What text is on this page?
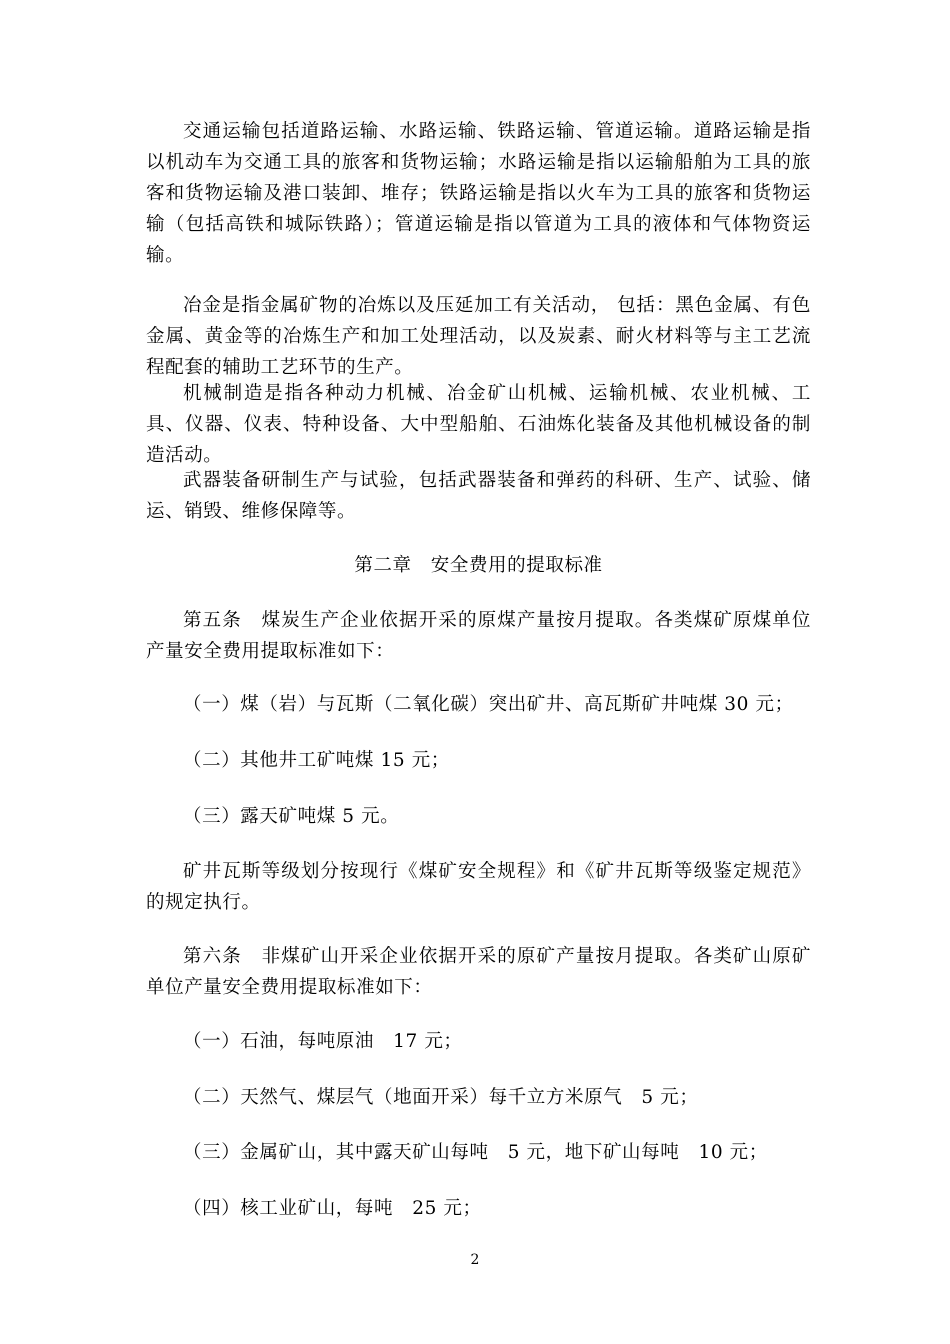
交通运输包括道路运输、水路运输、铁路运输、管道运输。道路运输是指以机动车为交通工具的旅客和货物运输；水路运输是指以运输船舶为工具的旅客和货物运输及港口装卸、堆存；铁路运输是指以火车为工具的旅客和货物运输（包括高铁和城际铁路）；管道运输是指以管道为工具的液体和气体物资运输。

冶金是指金属矿物的冶炼以及压延加工有关活动， 包括：黑色金属、有色金属、黄金等的冶炼生产和加工处理活动，以及炭素、耐火材料等与主工艺流程配套的辅助工艺环节的生产。

机械制造是指各种动力机械、冶金矿山机械、运输机械、农业机械、工具、仪器、仪表、特种设备、大中型船舶、石油炼化装备及其他机械设备的制造活动。

武器装备研制生产与试验，包括武器装备和弹药的科研、生产、试验、储运、销毁、维修保障等。

第二章　安全费用的提取标准

第五条　煤炭生产企业依据开采的原煤产量按月提取。各类煤矿原煤单位产量安全费用提取标准如下：

（一）煤（岩）与瓦斯（二氧化碳）突出矿井、高瓦斯矿井吨煤 30 元；

（二）其他井工矿吨煤 15 元；

（三）露天矿吨煤 5 元。

矿井瓦斯等级划分按现行《煤矿安全规程》和《矿井瓦斯等级鉴定规范》的规定执行。

第六条　非煤矿山开采企业依据开采的原矿产量按月提取。各类矿山原矿单位产量安全费用提取标准如下：

（一）石油，每吨原油　17 元；

（二）天然气、煤层气（地面开采）每千立方米原气　5 元；

（三）金属矿山，其中露天矿山每吨　5 元，地下矿山每吨　10 元；

（四）核工业矿山，每吨　25 元；

2
